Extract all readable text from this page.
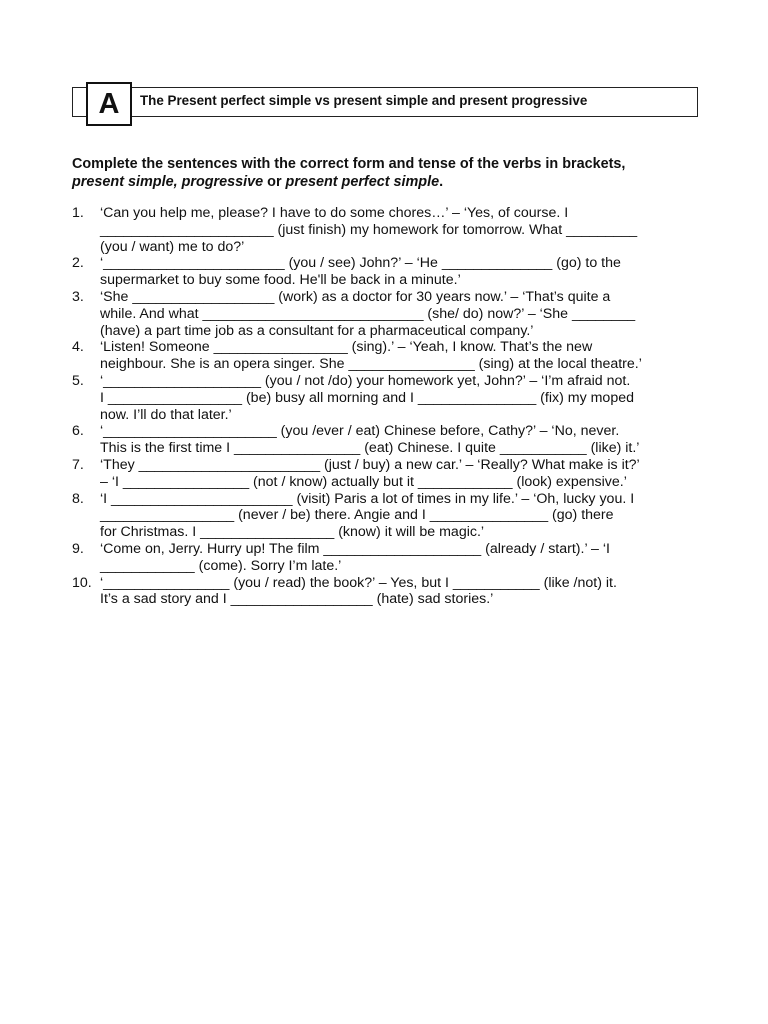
A	The Present perfect simple vs present simple and present progressive
Complete the sentences with the correct form and tense of the verbs in brackets,
present simple, progressive or present perfect simple.
1.	‘Can you help me, please? I have to do some chores…’ – ‘Yes, of course. I
______________________ (just finish) my homework for tomorrow. What _________
(you / want) me to do?’
2.	‘_______________________ (you / see) John?’ – ‘He ______________ (go) to the
supermarket to buy some food. He'll be back in a minute.’
3.	‘She __________________ (work) as a doctor for 30 years now.’ – ‘That’s quite a
while. And what ____________________________ (she/ do) now?’ – ‘She ________
(have) a part time job as a consultant for a pharmaceutical company.’
4.	‘Listen! Someone _________________ (sing).’ – ‘Yeah, I know. That’s the new
neighbour. She is an opera singer. She ________________ (sing) at the local theatre.’
5.	‘____________________ (you / not /do) your homework yet, John?’ – ‘I’m afraid not.
I _________________ (be) busy all morning and I _______________ (fix) my moped
now. I’ll do that later.’
6.	‘______________________ (you /ever / eat) Chinese before, Cathy?’ – ‘No, never.
This is the first time I ________________ (eat) Chinese. I quite ___________ (like) it.’
7.	‘They _______________________ (just / buy) a new car.’ – ‘Really? What make is it?’
– ‘I ________________ (not / know) actually but it ____________ (look) expensive.’
8.	‘I _______________________ (visit) Paris a lot of times in my life.’ – ‘Oh, lucky you. I
_________________ (never / be) there. Angie and I _______________ (go) there
for Christmas. I _________________ (know) it will be magic.’
9.	‘Come on, Jerry. Hurry up! The film ____________________ (already / start).’ – ‘I
____________ (come). Sorry I’m late.’
10. ‘________________ (you / read) the book?’ – Yes, but I ___________ (like /not) it.
It’s a sad story and I __________________ (hate) sad stories.’
